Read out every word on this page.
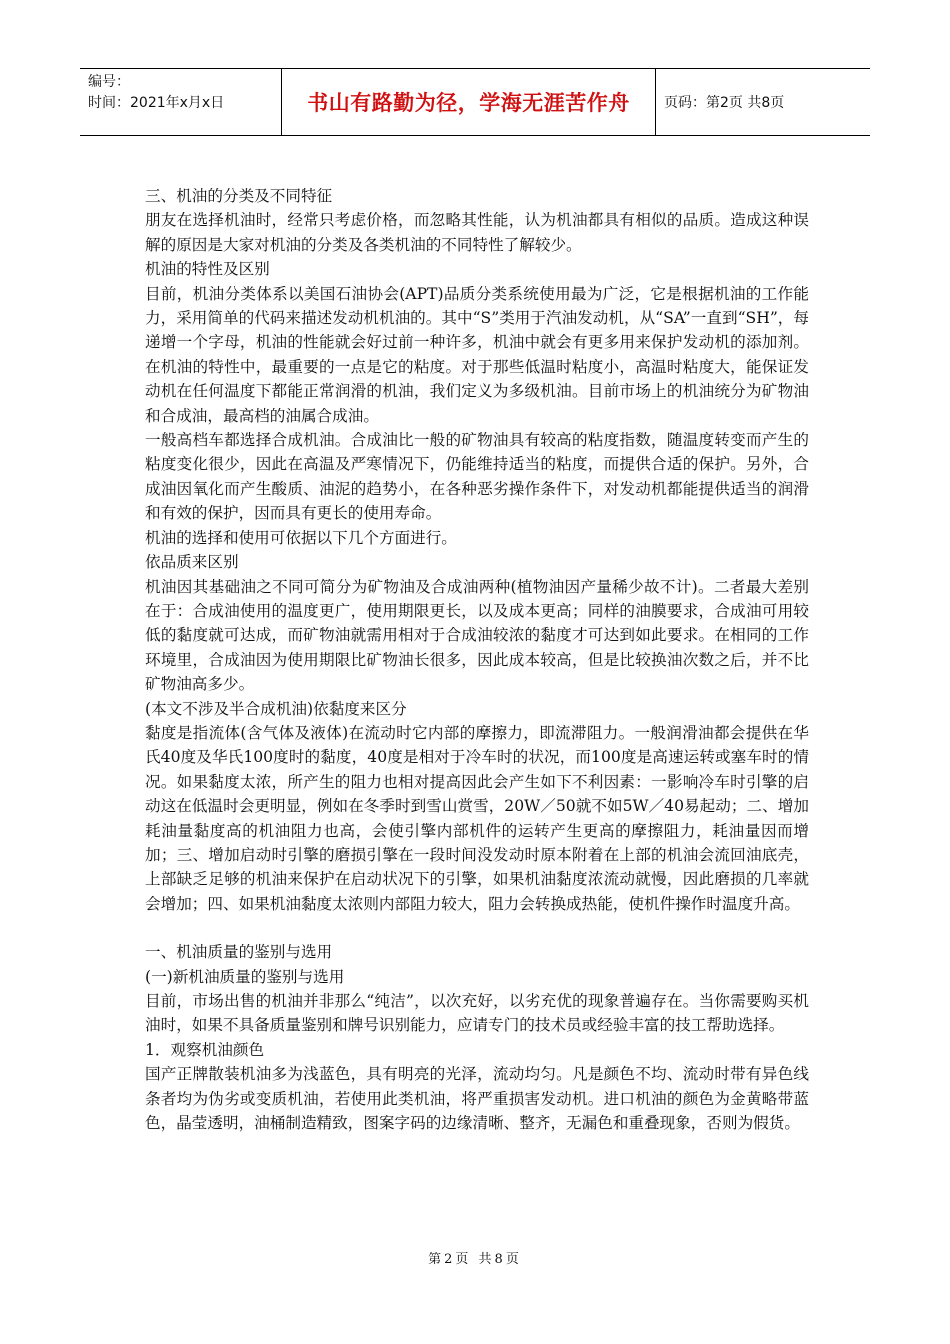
编号：
时间：2021年x月x日	书山有路勤为径，学海无涯苦作舟	页码：第2页 共8页

三、机油的分类及不同特征

朋友在选择机油时，经常只考虑价格，而忽略其性能，认为机油都具有相似的品质。造成这种误解的原因是大家对机油的分类及各类机油的不同特性了解较少。

机油的特性及区别

目前，机油分类体系以美国石油协会(APT)品质分类系统使用最为广泛，它是根据机油的工作能力，采用简单的代码来描述发动机机油的。其中“S”类用于汽油发动机，从“SA”一直到“SH”，每递增一个字母，机油的性能就会好过前一种许多，机油中就会有更多用来保护发动机的添加剂。在机油的特性中，最重要的一点是它的粘度。对于那些低温时粘度小，高温时粘度大，能保证发动机在任何温度下都能正常润滑的机油，我们定义为多级机油。目前市场上的机油统分为矿物油和合成油，最高档的油属合成油。

一般高档车都选择合成机油。合成油比一般的矿物油具有较高的粘度指数，随温度转变而产生的粘度变化很少，因此在高温及严寒情况下，仍能维持适当的粘度，而提供合适的保护。另外，合成油因氧化而产生酸质、油泥的趋势小，在各种恶劣操作条件下，对发动机都能提供适当的润滑和有效的保护，因而具有更长的使用寿命。

机油的选择和使用可依据以下几个方面进行。

依品质来区别

机油因其基础油之不同可简分为矿物油及合成油两种(植物油因产量稀少故不计)。二者最大差别在于：合成油使用的温度更广，使用期限更长，以及成本更高；同样的油膜要求，合成油可用较低的黏度就可达成，而矿物油就需用相对于合成油较浓的黏度才可达到如此要求。在相同的工作环境里，合成油因为使用期限比矿物油长很多，因此成本较高，但是比较换油次数之后，并不比矿物油高多少。

(本文不涉及半合成机油)依黏度来区分

黏度是指流体(含气体及液体)在流动时它内部的摩擦力，即流滞阻力。一般润滑油都会提供在华氏40度及华氏100度时的黏度，40度是相对于冷车时的状况，而100度是高速运转或塞车时的情况。如果黏度太浓，所产生的阻力也相对提高因此会产生如下不利因素：一影响冷车时引擎的启动这在低温时会更明显，例如在冬季时到雪山赏雪，20W／50就不如5W／40易起动；二、增加耗油量黏度高的机油阻力也高，会使引擎内部机件的运转产生更高的摩擦阻力，耗油量因而增加；三、增加启动时引擎的磨损引擎在一段时间没发动时原本附着在上部的机油会流回油底壳，上部缺乏足够的机油来保护在启动状况下的引擎，如果机油黏度浓流动就慢，因此磨损的几率就会增加；四、如果机油黏度太浓则内部阻力较大，阻力会转换成热能，使机件操作时温度升高。

一、机油质量的鉴别与选用

(一)新机油质量的鉴别与选用

目前，市场出售的机油并非那么“纯洁”，以次充好，以劣充优的现象普遍存在。当你需要购买机油时，如果不具备质量鉴别和牌号识别能力，应请专门的技术员或经验丰富的技工帮助选择。

1．观察机油颜色

国产正牌散装机油多为浅蓝色，具有明亮的光泽，流动均匀。凡是颜色不均、流动时带有异色线条者均为伪劣或变质机油，若使用此类机油，将严重损害发动机。进口机油的颜色为金黄略带蓝色，晶莹透明，油桶制造精致，图案字码的边缘清晰、整齐，无漏色和重叠现象，否则为假货。

第2页 共8页
